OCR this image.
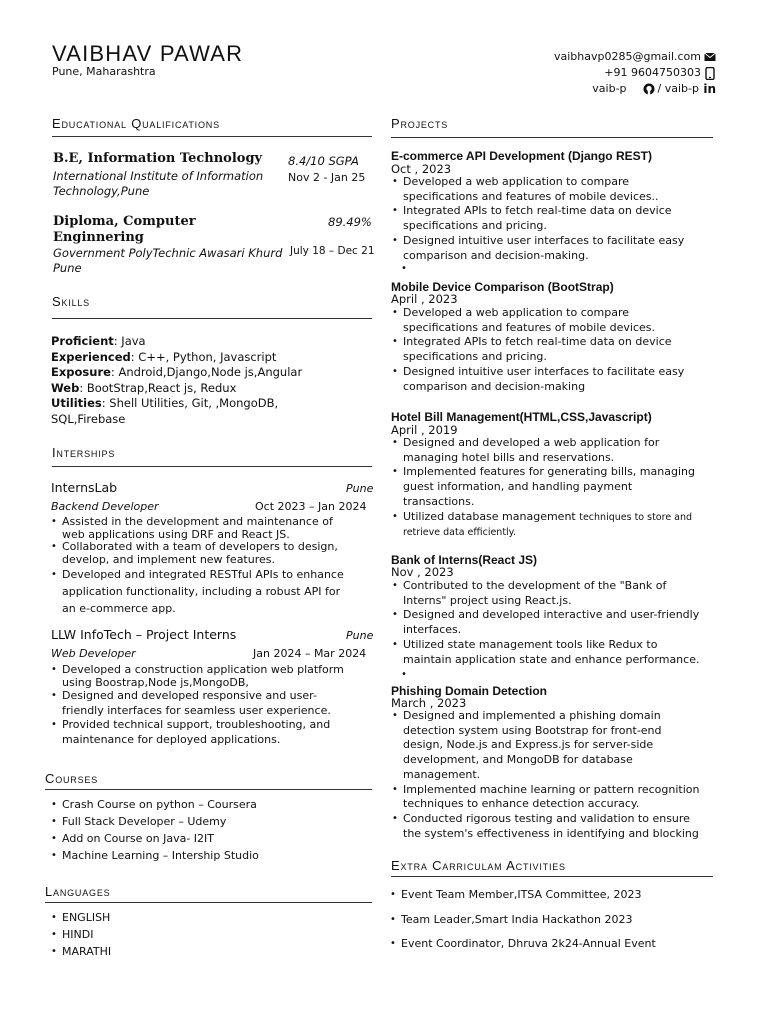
VAIBHAV PAWAR
Pune, Maharashtra
vaibhavp0285@gmail.com
+91 9604750303
vaib-p	/ vaib-p in
Educational Qualifications
B.E, Information Technology 8.4/10 SGPA
International Institute of Information Technology,Pune
Nov 2 - Jan 25
Diploma, Computer Enginnering
89.49%
Government PolyTechnic Awasari Khurd Pune
July 18 – Dec 21
Skills
Proficient: Java
Experienced: C++, Python, Javascript
Exposure: Android,Django,Node js,Angular
Web: BootStrap,React js, Redux
Utilities: Shell Utilities, Git, ,MongoDB,
SQL,Firebase
Interships
InternsLab	Pune
Backend Developer	Oct 2023 – Jan 2024
• Assisted in the development and maintenance of web applications using DRF and React JS.
• Collaborated with a team of developers to design, develop, and implement new features.
• Developed and integrated RESTful APIs to enhance application functionality, including a robust API for an e-commerce app.
LLW InfoTech – Project Interns	Pune
Web Developer	Jan 2024 – Mar 2024
• Developed a construction application web platform using Boostrap,Node js,MongoDB,
• Designed and developed responsive and user-friendly interfaces for seamless user experience.
• Provided technical support, troubleshooting, and maintenance for deployed applications.
Courses
• Crash Course on python – Coursera
• Full Stack Developer – Udemy
• Add on Course on Java- I2IT
• Machine Learning – Intership Studio
Languages
• ENGLISH
• HINDI
• MARATHI
Projects
E-commerce API Development (Django REST)
Oct , 2023
• Developed a web application to compare specifications and features of mobile devices..
• Integrated APIs to fetch real-time data on device specifications and pricing.
• Designed intuitive user interfaces to facilitate easy comparison and decision-making.
•
Mobile Device Comparison (BootStrap)
April , 2023
• Developed a web application to compare specifications and features of mobile devices.
• Integrated APIs to fetch real-time data on device specifications and pricing.
• Designed intuitive user interfaces to facilitate easy comparison and decision-making
Hotel Bill Management(HTML,CSS,Javascript)
April , 2019
• Designed and developed a web application for managing hotel bills and reservations.
• Implemented features for generating bills, managing guest information, and handling payment transactions.
• Utilized database management techniques to store and retrieve data efficiently.
Bank of Interns(React JS)
Nov , 2023
• Contributed to the development of the "Bank of Interns" project using React.js.
• Designed and developed interactive and user-friendly interfaces.
• Utilized state management tools like Redux to maintain application state and enhance performance.
•
Phishing Domain Detection
March , 2023
• Designed and implemented a phishing domain detection system using Bootstrap for front-end design, Node.js and Express.js for server-side development, and MongoDB for database management.
• Implemented machine learning or pattern recognition techniques to enhance detection accuracy.
• Conducted rigorous testing and validation to ensure the system's effectiveness in identifying and blocking
Extra Carriculam Activities
• Event Team Member,ITSA Committee, 2023
• Team Leader,Smart India Hackathon 2023
• Event Coordinator, Dhruva 2k24-Annual Event
